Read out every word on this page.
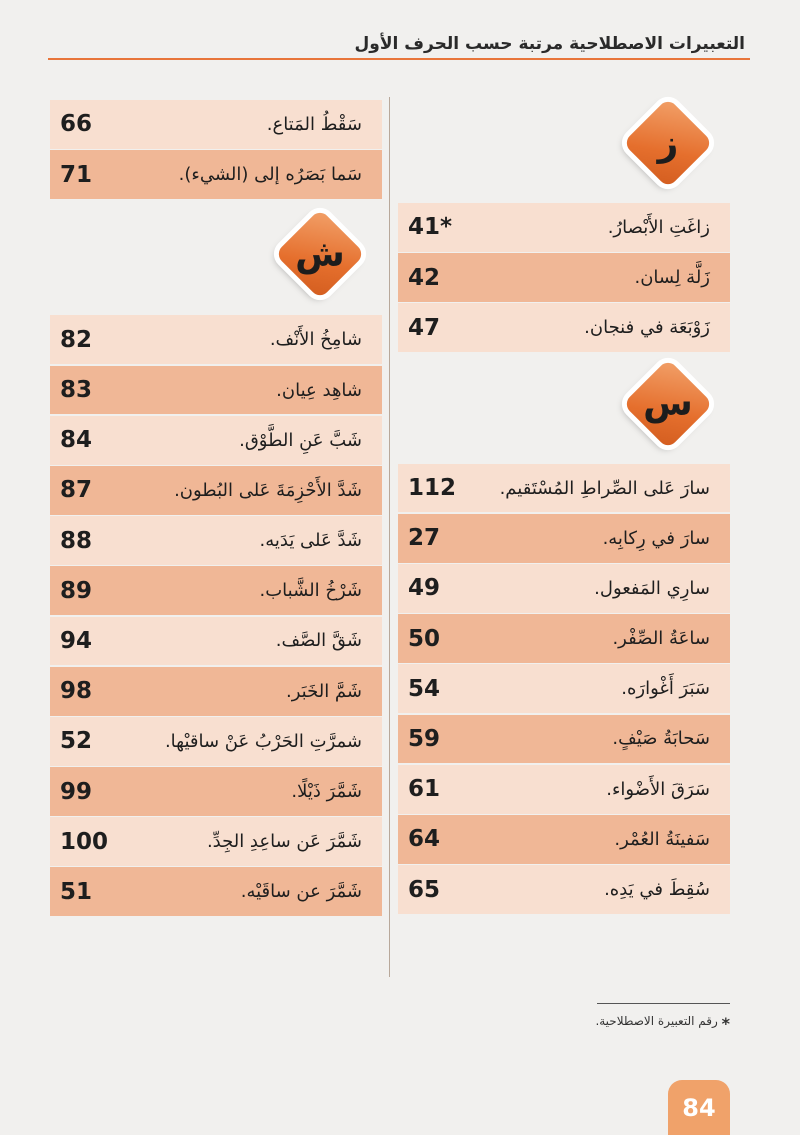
التعبيرات الاصطلاحية مرتبة حسب الحرف الأول
ز
41*	زاغَتِ الأَبْصارُ.
42	زَلَّة لِسان.
47	زَوْبَعَة في فنجان.
س
112	سارَ عَلى الصِّراطِ المُسْتَقيم.
27	سارَ في رِكابِه.
49	سارِي المَفعول.
50	ساعَةُ الصِّفْر.
54	سَبَرَ أَغْوارَه.
59	سَحابَةُ صَيْفٍ.
61	سَرَقَ الأَضْواء.
64	سَفينَةُ العُمْر.
65	سُقِطَ في يَدِه.
66	سَقْطُ المَتاع.
71	سَما بَصَرُه إلى (الشيء).
ش
82	شامِخُ الأَنْف.
83	شاهِد عِيان.
84	شَبَّ عَنِ الطَّوْق.
87	شَدَّ الأَحْزِمَةَ عَلى البُطون.
88	شَدَّ عَلى يَدَيه.
89	شَرْخُ الشَّباب.
94	شَقَّ الصَّف.
98	شَمَّ الخَبَر.
52	شمرَّتِ الحَرْبُ عَنْ ساقيْها.
99	شَمَّرَ ذَيْلًا.
100	شَمَّرَ عَن ساعِدِ الجِدِّ.
51	شَمَّرَ عن ساقَيْه.
* رقم التعبيرة الاصطلاحية.
84
